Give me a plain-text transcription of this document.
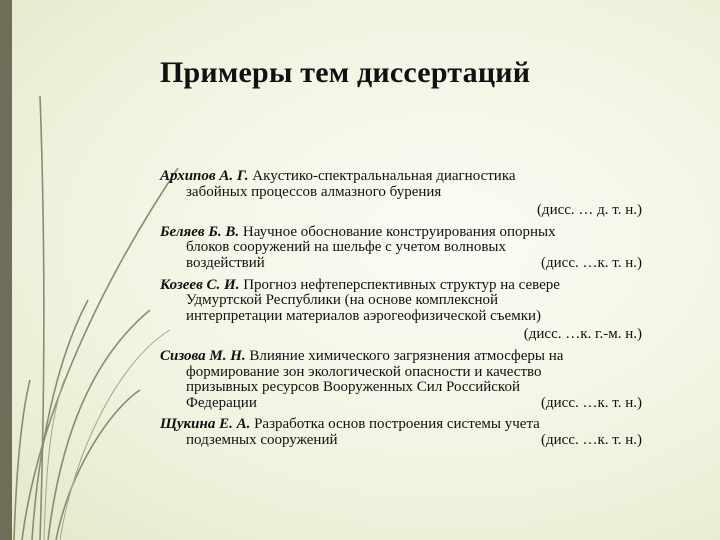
Примеры тем диссертаций
Архипов А. Г. Акустико-спектральнальная диагностика
забойных процессов алмазного бурения
(дисс. … д. т. н.)
Беляев Б. В. Научное обоснование конструирования опорных
блоков сооружений на шельфе с учетом волновых
воздействий	(дисс. …к. т. н.)
Козеев С. И. Прогноз нефтеперспективных структур на севере
Удмуртской Республики (на основе комплексной
интерпретации материалов аэрогеофизической съемки)
(дисс. …к. г.-м. н.)
Сизова М. Н. Влияние химического загрязнения атмосферы на
формирование зон экологической опасности и качество
призывных ресурсов Вооруженных Сил Российской
Федерации	(дисс. …к. т. н.)
Щукина Е. А. Разработка основ построения системы учета
подземных сооружений	(дисс. …к. т. н.)
